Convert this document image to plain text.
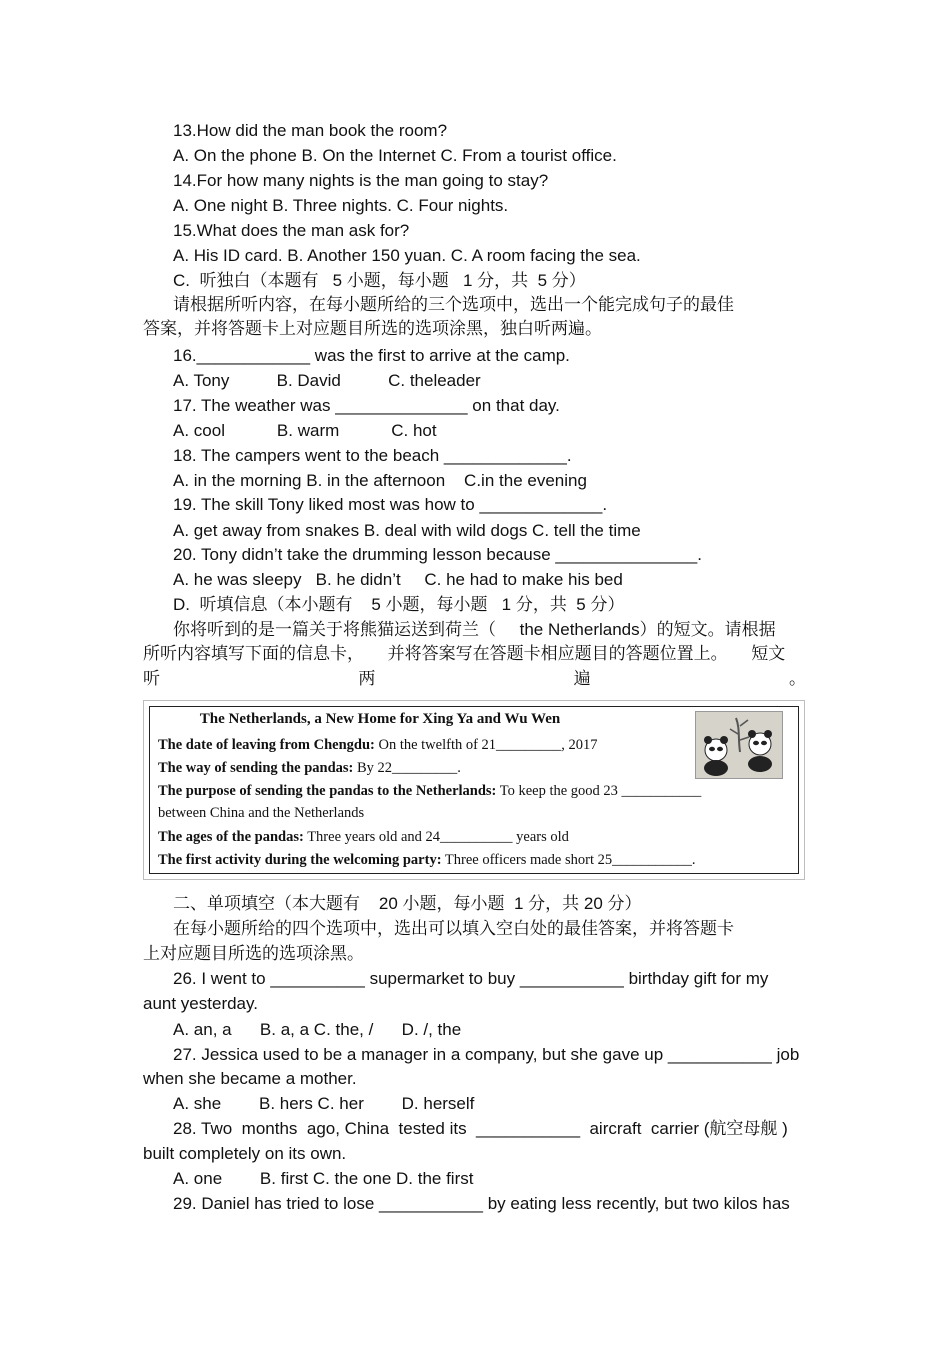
13.How did the man book the room?
A. On the phone B. On the Internet C. From a tourist office.
14.For how many nights is the man going to stay?
A. One night B. Three nights. C. Four nights.
15.What does the man ask for?
A. His ID card. B. Another 150 yuan. C. A room facing the sea.
C.  听独白（本题有   5 小题，每小题   1 分，共  5 分）
请根据所听内容，在每小题所给的三个选项中，选出一个能完成句子的最佳
答案，并将答题卡上对应题目所选的选项涂黑，独白听两遍。
16.____________ was the first to arrive at the camp.
A. Tony          B. David          C. theleader
17. The weather was ______________ on that day.
A. cool           B. warm           C. hot
18. The campers went to the beach _____________.
A. in the morning B. in the afternoon    C.in the evening
19. The skill Tony liked most was how to _____________.
A. get away from snakes B. deal with wild dogs C. tell the time
20. Tony didn’t take the drumming lesson because _______________.
A. he was sleepy   B. he didn’t     C. he had to make his bed
D.  听填信息（本小题有    5 小题，每小题   1 分，共  5 分）
你将听到的是一篇关于将熊猫运送到荷兰（     the Netherlands）的短文。请根据
所听内容填写下面的信息卡，     并将答案写在答题卡相应题目的答题位置上。     短文
听	两	遍	。
The Netherlands, a New Home for Xing Ya and Wu Wen
The date of leaving from Chengdu: On the twelfth of 21_________, 2017
The way of sending the pandas: By 22_________.
The purpose of sending the pandas to the Netherlands: To keep the good 23 ___________
between China and the Netherlands
The ages of the pandas: Three years old and 24__________ years old
The first activity during the welcoming party: Three officers made short 25___________.
二、单项填空（本大题有    20 小题，每小题  1 分，共 20 分）
在每小题所给的四个选项中，选出可以填入空白处的最佳答案，并将答题卡
上对应题目所选的选项涂黑。
26. I went to __________ supermarket to buy ___________ birthday gift for my
aunt yesterday.
A. an, a      B. a, a C. the, /      D. /, the
27. Jessica used to be a manager in a company, but she gave up ___________ job
when she became a mother.
A. she        B. hers C. her        D. herself
28. Two  months  ago, China  tested its  ___________  aircraft  carrier (航空母舰 )
built completely on its own.
A. one        B. first C. the one D. the first
29. Daniel has tried to lose ___________ by eating less recently, but two kilos has
